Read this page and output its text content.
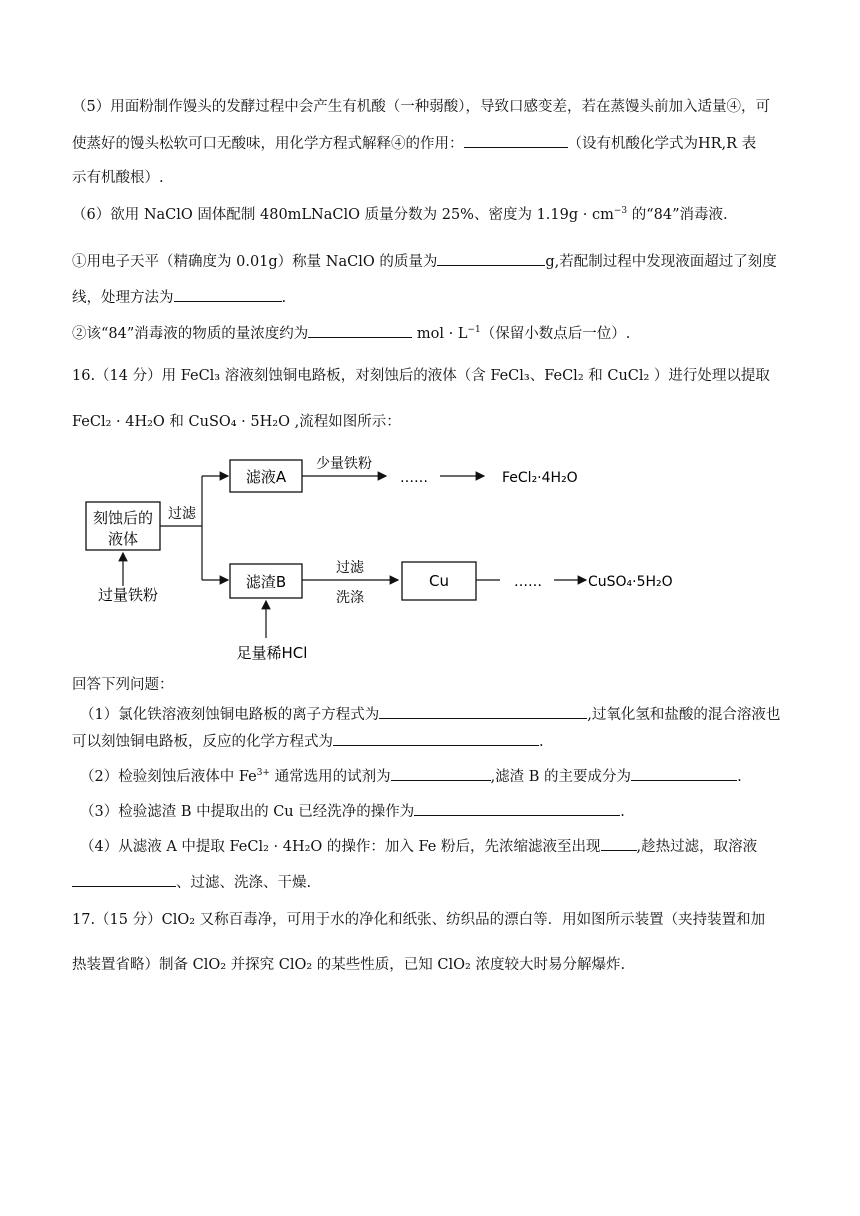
（5）用面粉制作馒头的发酵过程中会产生有机酸（一种弱酸），导致口感变差，若在蒸馒头前加入适量④，可
使蒸好的馒头松软可口无酸味，用化学方程式解释④的作用：	（设有机酸化学式为HR,R 表
示有机酸根）.
（6）欲用 NaClO 固体配制 480mLNaClO 质量分数为 25%、密度为 $1.19g \cdot cm^{-3}$ 的“84”消毒液.
①用电子天平（精确度为 0.01g）称量 NaClO 的质量为	g,若配制过程中发现液面超过了刻度
线，处理方法为	.
②该“84”消毒液的物质的量浓度约为	mol · $L^{-1}$（保留小数点后一位）.
16.（14 分）用 FeCl₃ 溶液刻蚀铜电路板，对刻蚀后的液体（含 FeCl₃、FeCl₂ 和 CuCl₂ ）进行处理以提取
FeCl₂ · 4H₂O 和 CuSO₄ · 5H₂O ,流程如图所示：
刻蚀后的
液体
过滤
过量铁粉
滤液A
少量铁粉
……	FeCl₂·4H₂O
滤渣B
足量稀HCl
过滤
洗涤
Cu	……	CuSO₄·5H₂O
回答下列问题：
（1）氯化铁溶液刻蚀铜电路板的离子方程式为	,过氧化氢和盐酸的混合溶液也
可以刻蚀铜电路板，反应的化学方程式为	.
（2）检验刻蚀后液体中 $Fe^{3+}$ 通常选用的试剂为	,滤渣 B 的主要成分为	.
（3）检验滤渣 B 中提取出的 Cu 已经洗净的操作为	.
（4）从滤液 A 中提取 FeCl₂ · 4H₂O 的操作：加入 Fe 粉后，先浓缩滤液至出现 ,趁热过滤，取溶液
、过滤、洗涤、干燥.
17.（15 分）ClO₂ 又称百毒净，可用于水的净化和纸张、纺织品的漂白等．用如图所示装置（夹持装置和加
热装置省略）制备 ClO₂ 并探究 ClO₂ 的某些性质，已知 ClO₂ 浓度较大时易分解爆炸.
